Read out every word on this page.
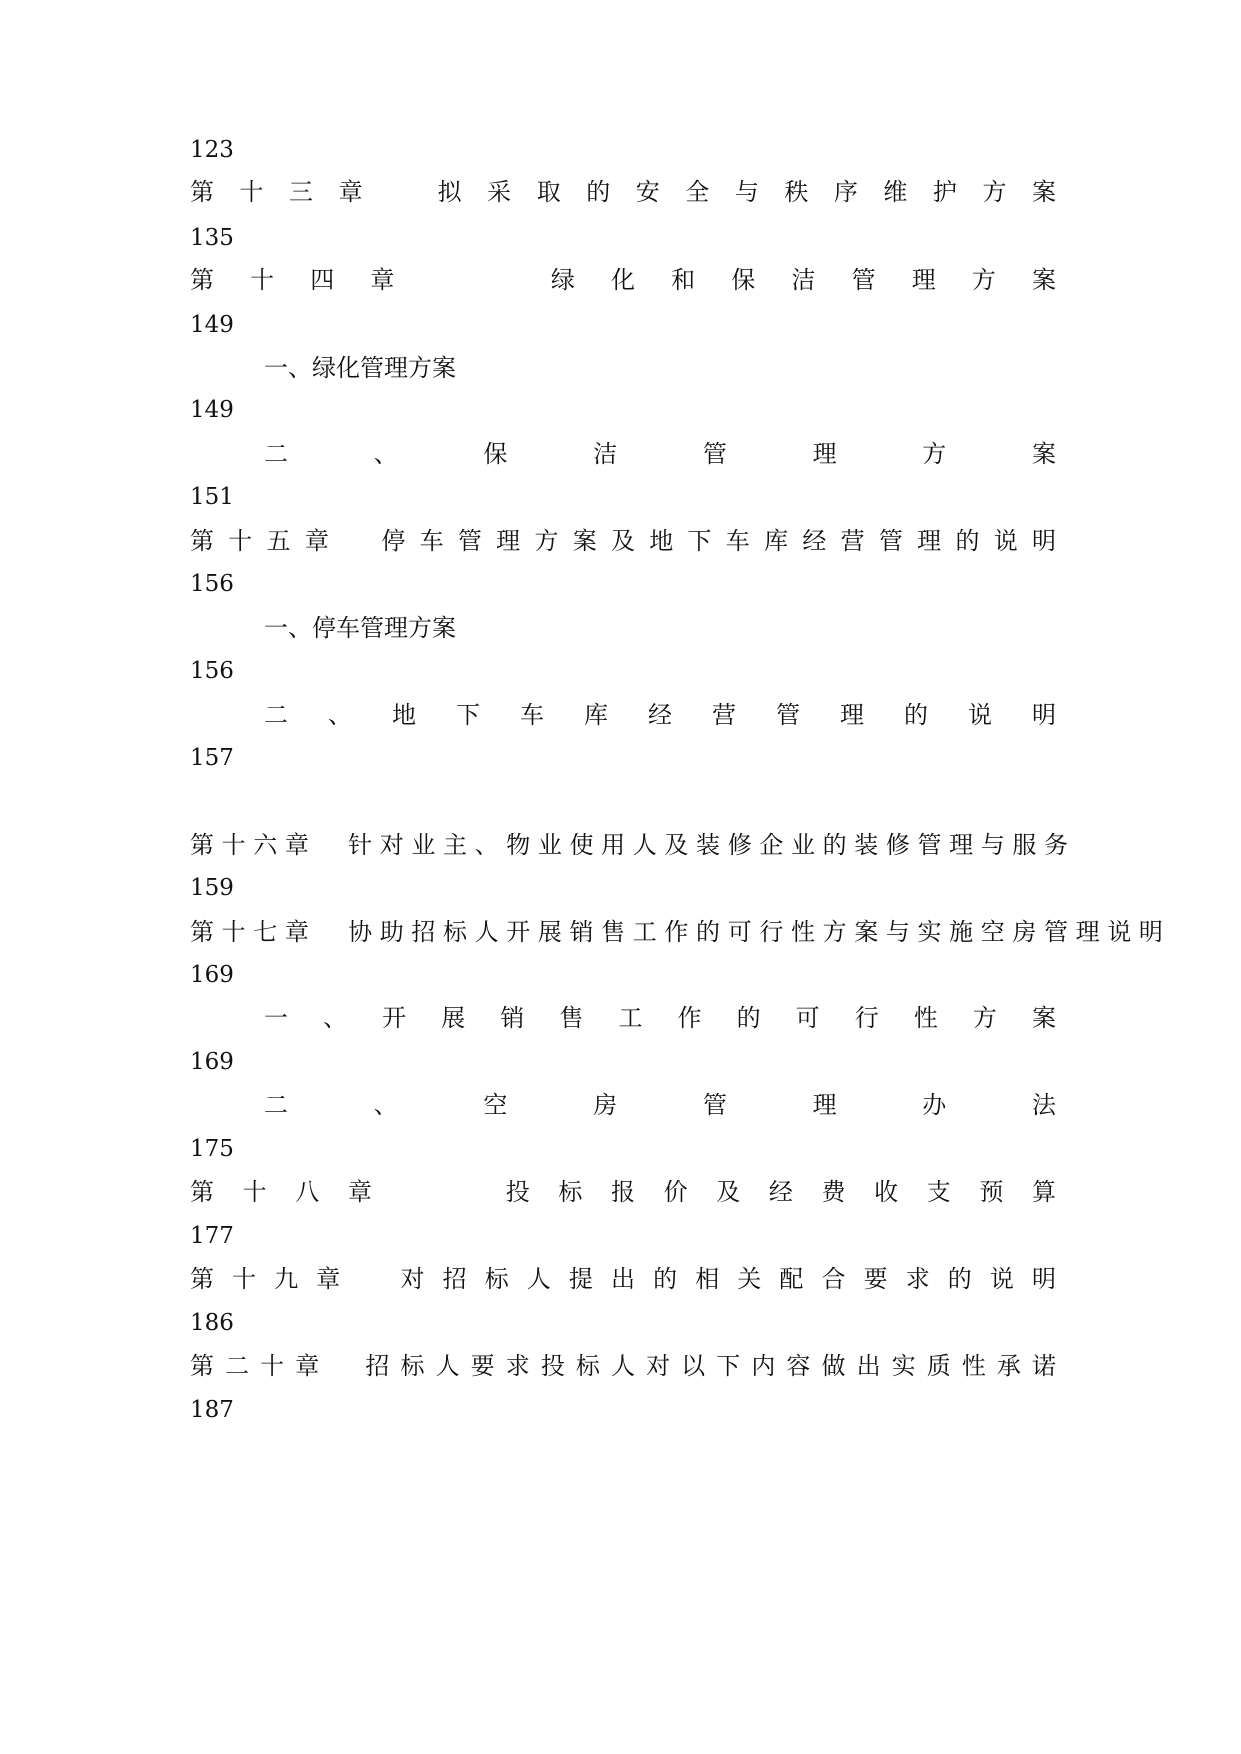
123
第 十 三 章 　 拟 采 取 的 安 全 与 秩 序 维 护 方 案
135
第 十 四 章 　 　 绿 化 和 保 洁 管 理 方 案
149
一、绿化管理方案
149
二 、 保 洁 管 理 方 案
151
第 十 五 章 　 停 车 管 理 方 案 及 地 下 车 库 经 营 管 理 的 说 明
156
一、停车管理方案
156
二 、 地 下 车 库 经 营 管 理 的 说 明
157
第 十 六 章 　 针 对 业 主 、 物 业 使 用 人 及 装 修 企 业 的 装 修 管 理 与 服 务
159
第 十 七 章 　 协 助 招 标 人 开 展 销 售 工 作 的 可 行 性 方 案 与 实 施 空 房 管 理 说 明
169
一 、 开 展 销 售 工 作 的 可 行 性 方 案
169
二 、 空 房 管 理 办 法
175
第 十 八 章 　 　 投 标 报 价 及 经 费 收 支 预 算
177
第 十 九 章 　 对 招 标 人 提 出 的 相 关 配 合 要 求 的 说 明
186
第 二 十 章 　 招 标 人 要 求 投 标 人 对 以 下 内 容 做 出 实 质 性 承 诺
187
